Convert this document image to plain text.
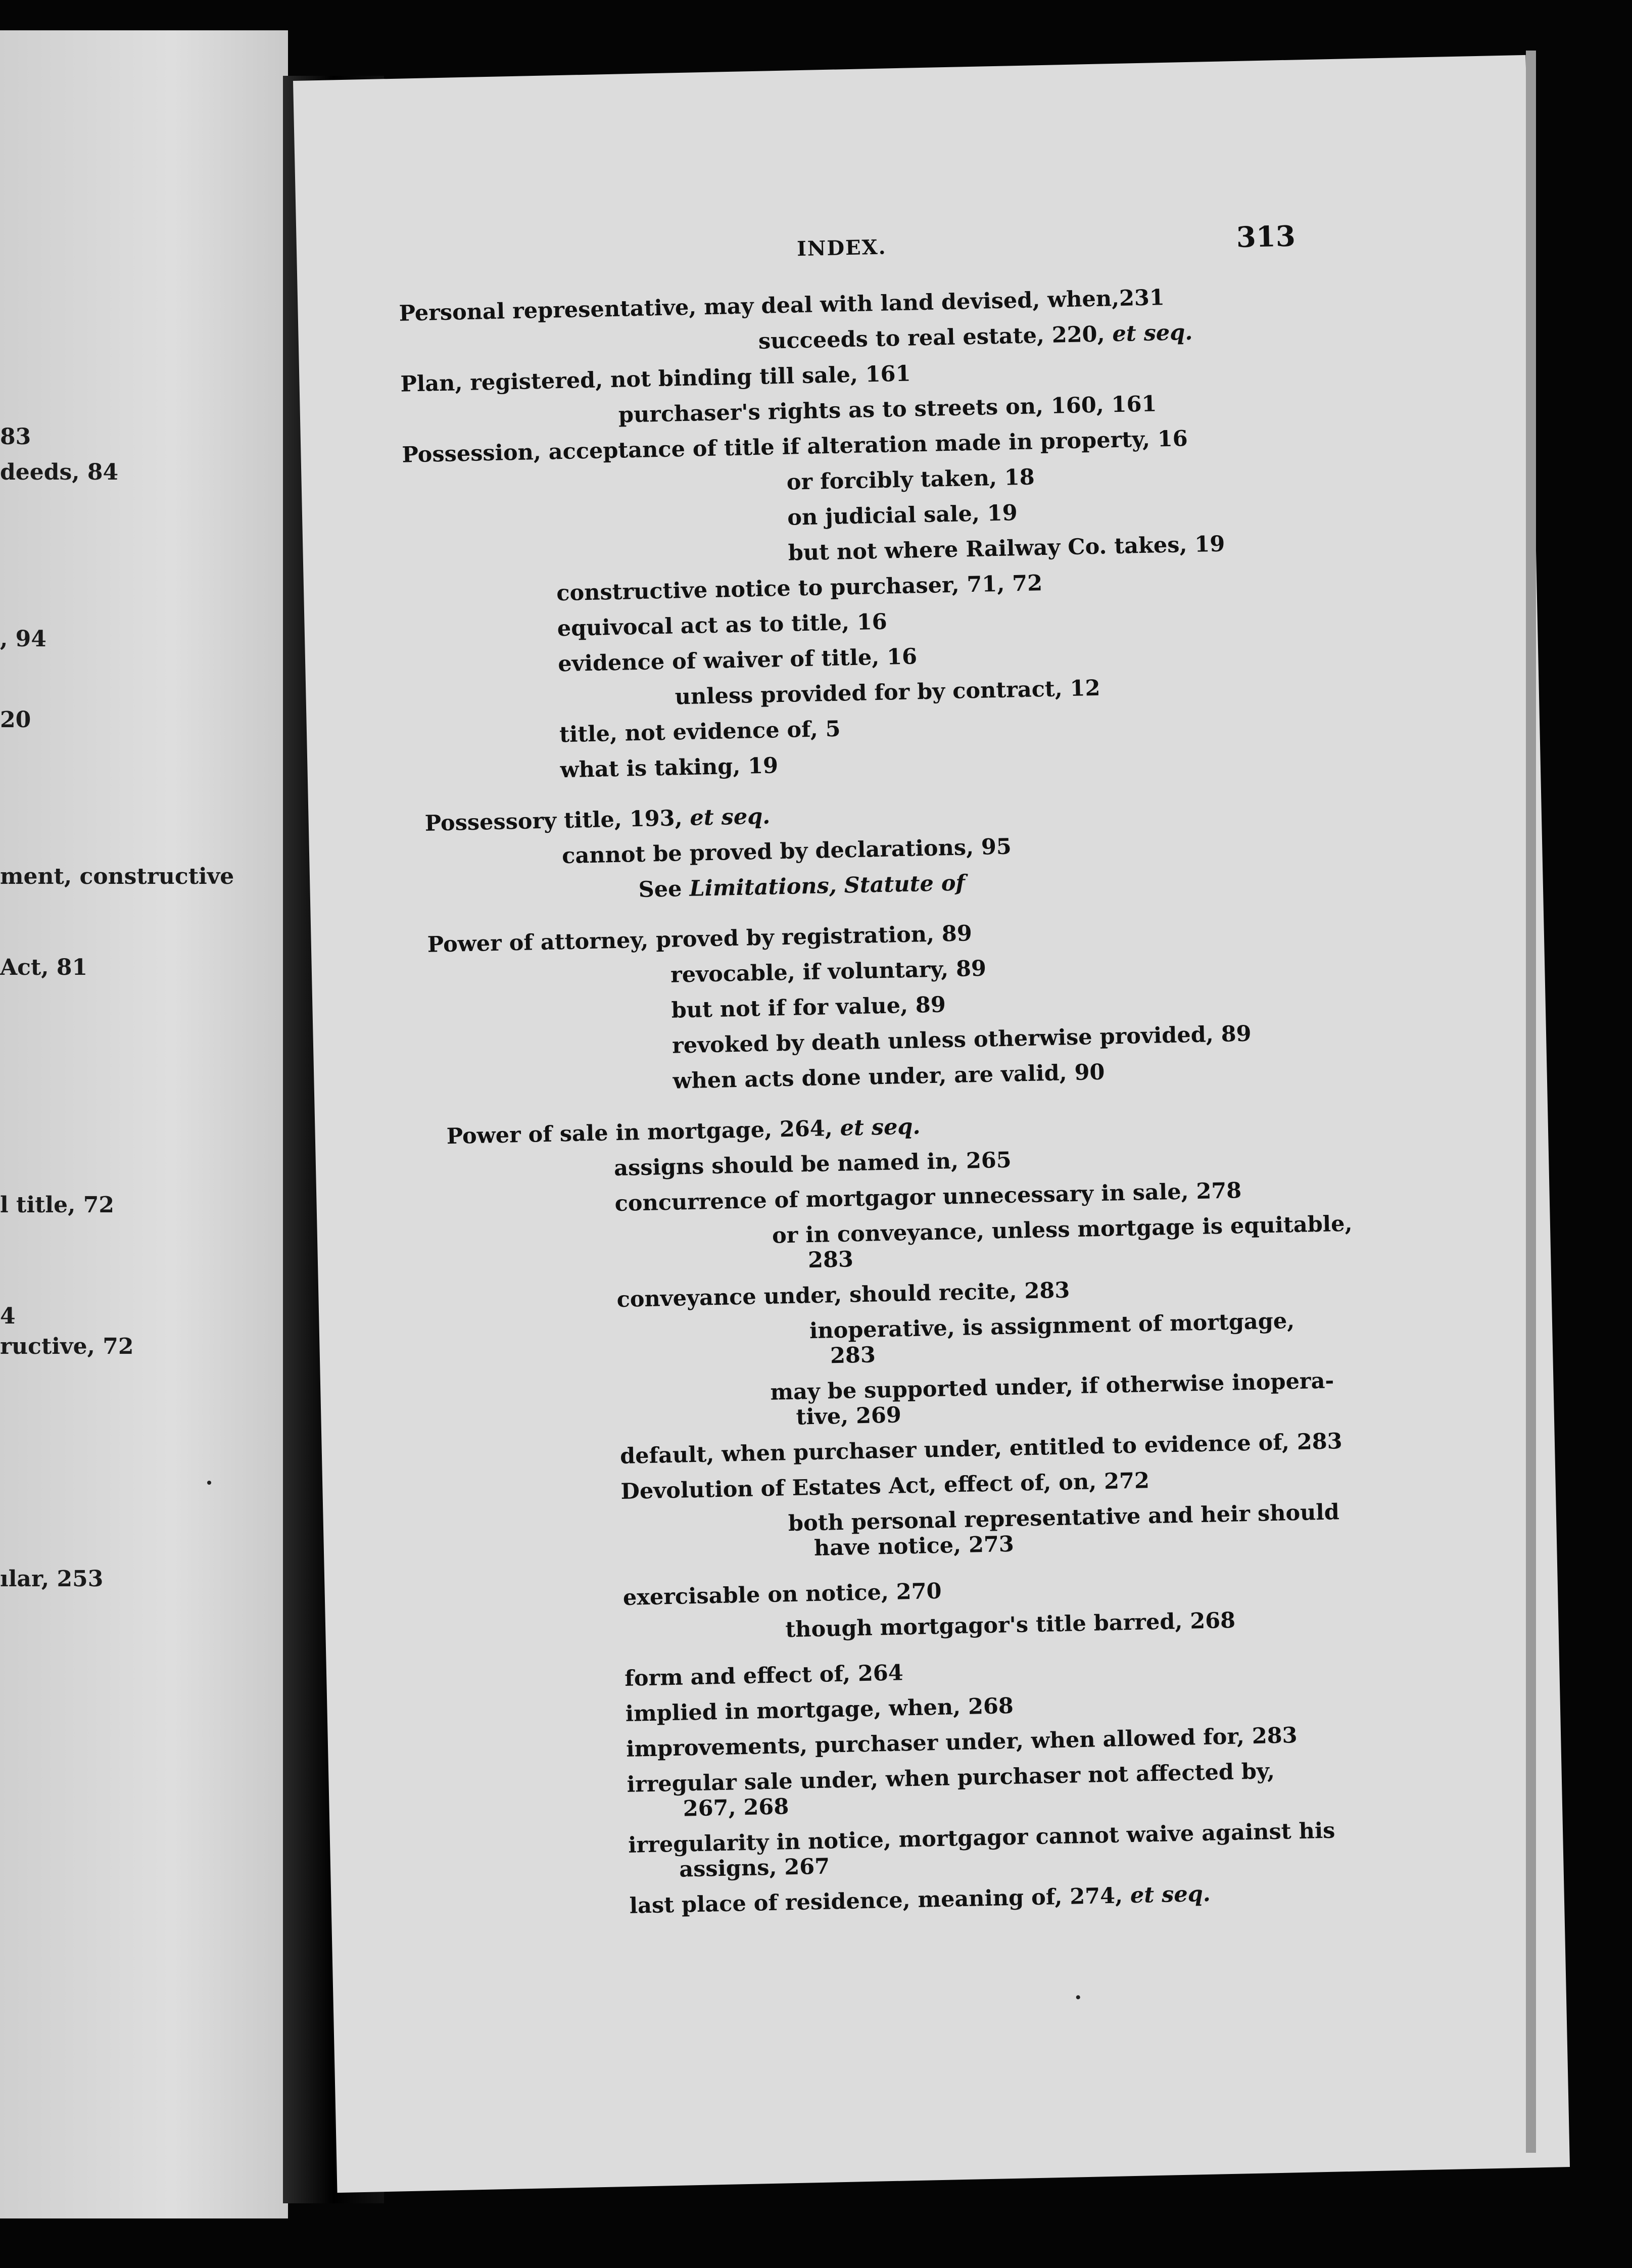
83
deeds, 84
, 94
20
ment, constructive
Act, 81
l title, 72
4
ructive, 72
ılar, 253
INDEX.	313
Personal representative, may deal with land devised, when,231
succeeds to real estate, 220, et seq.
Plan, registered, not binding till sale, 161
purchaser's rights as to streets on, 160, 161
Possession, acceptance of title if alteration made in property, 16
or forcibly taken, 18
on judicial sale, 19
but not where Railway Co. takes, 19
constructive notice to purchaser, 71, 72
equivocal act as to title, 16
evidence of waiver of title, 16
unless provided for by contract, 12
title, not evidence of, 5
what is taking, 19
Possessory title, 193, et seq.
cannot be proved by declarations, 95
See Limitations, Statute of
Power of attorney, proved by registration, 89
revocable, if voluntary, 89
but not if for value, 89
revoked by death unless otherwise provided, 89
when acts done under, are valid, 90
Power of sale in mortgage, 264, et seq.
assigns should be named in, 265
concurrence of mortgagor unnecessary in sale, 278
or in conveyance, unless mortgage is equitable,
283
conveyance under, should recite, 283
inoperative, is assignment of mortgage,
283
may be supported under, if otherwise inopera-
tive, 269
default, when purchaser under, entitled to evidence of, 283
Devolution of Estates Act, effect of, on, 272
both personal representative and heir should
have notice, 273
exercisable on notice, 270
though mortgagor's title barred, 268
form and effect of, 264
implied in mortgage, when, 268
improvements, purchaser under, when allowed for, 283
irregular sale under, when purchaser not affected by,
267, 268
irregularity in notice, mortgagor cannot waive against his
assigns, 267
last place of residence, meaning of, 274, et seq.
